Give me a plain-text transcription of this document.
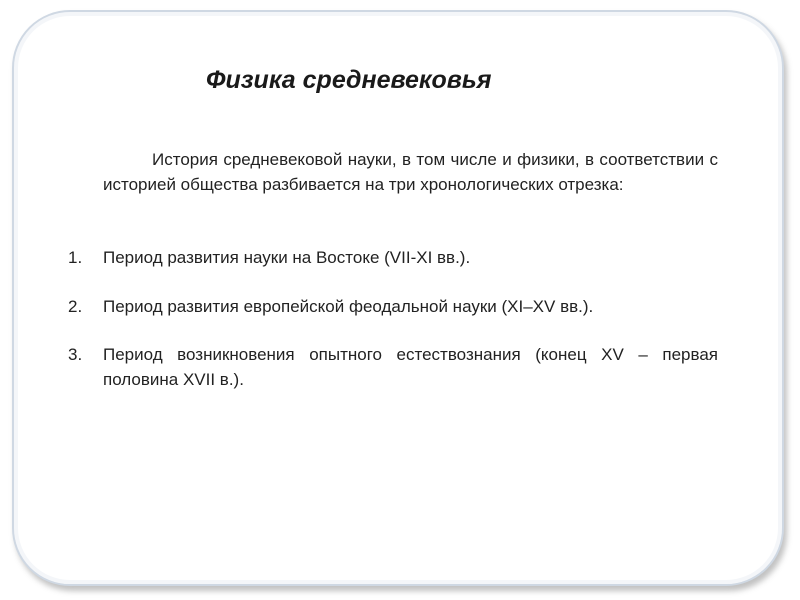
Физика средневековья

История средневековой науки, в том числе и физики, в соответствии с историей общества разбивается на три хронологических отрезка:

1. Период развития науки на Востоке (VII-XI вв.).
2. Период развития европейской феодальной науки (XI–XV вв.).
3. Период возникновения опытного естествознания (конец XV – первая половина XVII в.).
